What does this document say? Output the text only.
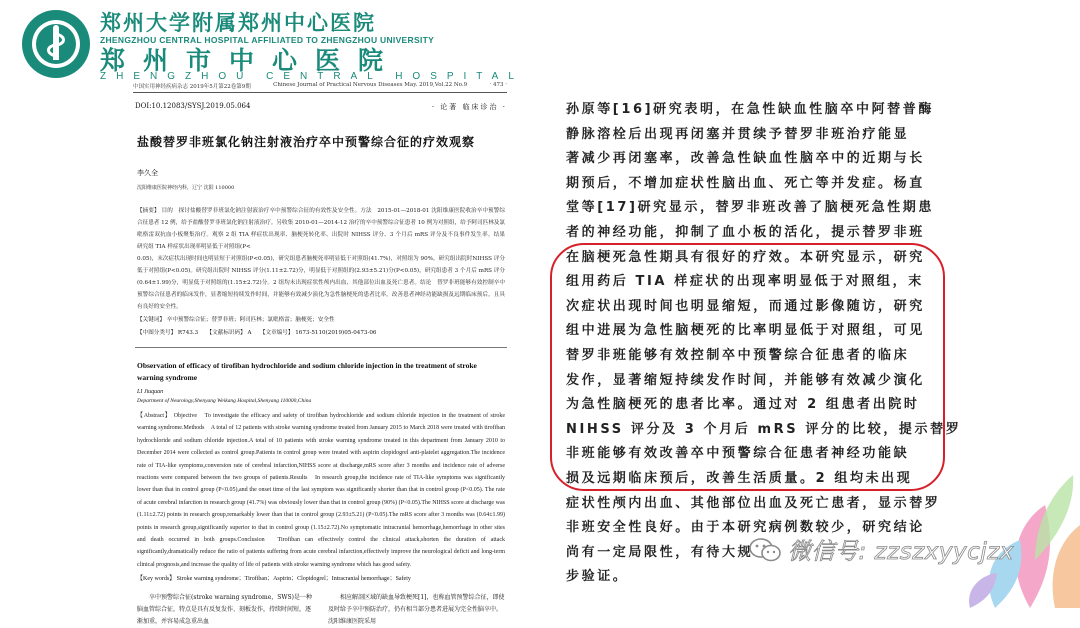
郑州大学附属郑州中心医院
ZHENGZHOU CENTRAL HOSPITAL AFFILIATED TO ZHENGZHOU UNIVERSITY
郑州市中心医院
ZHENGZHOU CENTRAL HOSPITAL
中国实用神经疾病杂志 2019年5月第22卷第9期	Chinese Journal of Practical Nervous Diseases May. 2019,Vol.22 No.9	· 473 ·
DOI:10.12083/SYSJ.2019.05.064	· 论著 临床诊治 ·
盐酸替罗非班氯化钠注射液治疗卒中预警综合征的疗效观察
李久全
沈阳维康医院神经内科，辽宁 沈阳 110000

【摘要】 目的　探讨盐酸替罗非班氯化钠注射液治疗卒中预警综合征的有效性及安全性。方法　2015-01—2018-01 沈阳维康医院收治卒中预警综合征患者 12 例，给予盐酸替罗非班氯化钠注射液治疗。另收集 2010-01—2014-12 治疗的卒中预警综合征患者 10 例为对照组，给予阿司匹林及氯吡格雷双抗血小板聚集治疗。观察 2 组 TIA 样症状出现率、脑梗死转化率、出院时 NIHSS 评分、3 个月后 mRS 评分及不良事件发生率。结果　研究组 TIA 样症状出现率明显低于对照组(P<

0.05)，末次症状出现时间也明显短于对照组(P<0.05)，研究组患者脑梗死率明显低于对照组(41.7%)，对照组为 90%，研究组出院时NIHSS 评分低于对照组(P<0.05)。研究组出院时 NIHSS 评分(1.11±2.72)分，明显低于对照组的(2.93±5.21)分(P<0.05)，研究组患者 3 个月后 mRS 评分(0.64±1.99)分，明显低于对照组的(1.15±2.72)分。2 组均未出现症状性颅内出血、其他部位出血及死亡患者。结论　替罗非班能够有效控制卒中预警综合征患者的临床发作，显著缩短持续发作时间，并能够有效减少演化为急性脑梗死的患者比率，改善患者神经功能缺损及远期临床预后，且具有良好的安全性。

【关键词】 卒中预警综合征；替罗非班；阿司匹林；氯吡格雷；脑梗死；安全性
【中图分类号】 R743.3　　【文献标识码】 A　　【文章编号】 1673-5110(2019)05-0473-06
Observation of efficacy of tirofiban hydrochloride and sodium chloride injection in the treatment of stroke warning syndrome
LI Jiuquan
Department of Neurology,Shenyang Weikang Hospital,Shenyang 110000,China

【Abstract】 Objective　To investigate the efficacy and safety of tirofiban hydrochloride and sodium chloride injection in the treatment of stroke warning syndrome.Methods　A total of 12 patients with stroke warning syndrome treated from January 2015 to March 2018 were treated with tirofiban hydrochloride and sodium chloride injection.A total of 10 patients with stroke warning syndrome treated in this department from January 2010 to December 2014 were collected as control group.Patients in control group were treated with aspirin clopidogrel anti-platelet aggregation.The incidence rate of TIA-like symptoms,conversion rate of cerebral infarction,NIHSS score at discharge,mRS score after 3 months and incidence rate of adverse reactions were compared between the two groups of patients.Results　In research group,the incidence rate of TIA-like symptoms was significantly lower than that in control group (P<0.05),and the onset time of the last symptom was significantly shorter than that in control group (P<0.05). The rate of acute cerebral infarction in research group (41.7%) was obviously lower than that in control group (90%) (P<0.05).The NIHSS score at discharge was (1.11±2.72) points in research group,remarkably lower than that in control group (2.93±5.21) (P<0.05).The mRS score after 3 months was (0.64±1.99) points in research group,significantly superior to that in control group (1.15±2.72).No symptomatic intracranial hemorrhage,hemorrhage in other sites and death occurred in both groups.Conclusion　Tirofiban can effectively control the clinical attack,shorten the duration of attack significantly,dramatically reduce the ratio of patients suffering from acute cerebral infarction,effectively improve the neurological deficit and long-term clinical prognosis,and increase the quality of life of patients with stroke warning syndrome which has good safety.

【Key words】 Stroke warning syndrome；Tirofiban；Aspirin；Clopidogrel；Intracranial hemorrhage；Safety

卒中预警综合征(stroke warning syndrome，SWS)是一种脑血管综合征，特点是具有反复发作、刻板发作，持续时间短，逐渐加重，并容易成急重出血

相应解剖区域的缺血导致梗死[1]，也称血管预警综合征，即使及时给予卒中预防治疗，仍有相当部分患者进展为完全性脑卒中。沈阳维康医院采用

孙原等[16]研究表明，在急性缺血性脑卒中阿替普酶
静脉溶栓后出现再闭塞并贯续予替罗非班治疗能显
著减少再闭塞率，改善急性缺血性脑卒中的近期与长
期预后，不增加症状性脑出血、死亡等并发症。杨直
堂等[17]研究显示，替罗非班改善了脑梗死急性期患
者的神经功能，抑制了血小板的活化，提示替罗非班
在脑梗死急性期具有很好的疗效。本研究显示，研究
组用药后 TIA 样症状的出现率明显低于对照组，末
次症状出现时间也明显缩短，而通过影像随访，研究
组中进展为急性脑梗死的比率明显低于对照组，可见
替罗非班能够有效控制卒中预警综合征患者的临床
发作，显著缩短持续发作时间，并能够有效减少演化
为急性脑梗死的患者比率。通过对 2 组患者出院时
NIHSS 评分及 3 个月后 mRS 评分的比较，提示替罗
非班能够有效改善卒中预警综合征患者神经功能缺
损及远期临床预后，改善生活质量。2 组均未出现
症状性颅内出血、其他部位出血及死亡患者，显示替罗
非班安全性良好。由于本研究病例数较少，研究结论
尚有一定局限性，有待大规
步验证。
微信号: zzszxyycjzx
